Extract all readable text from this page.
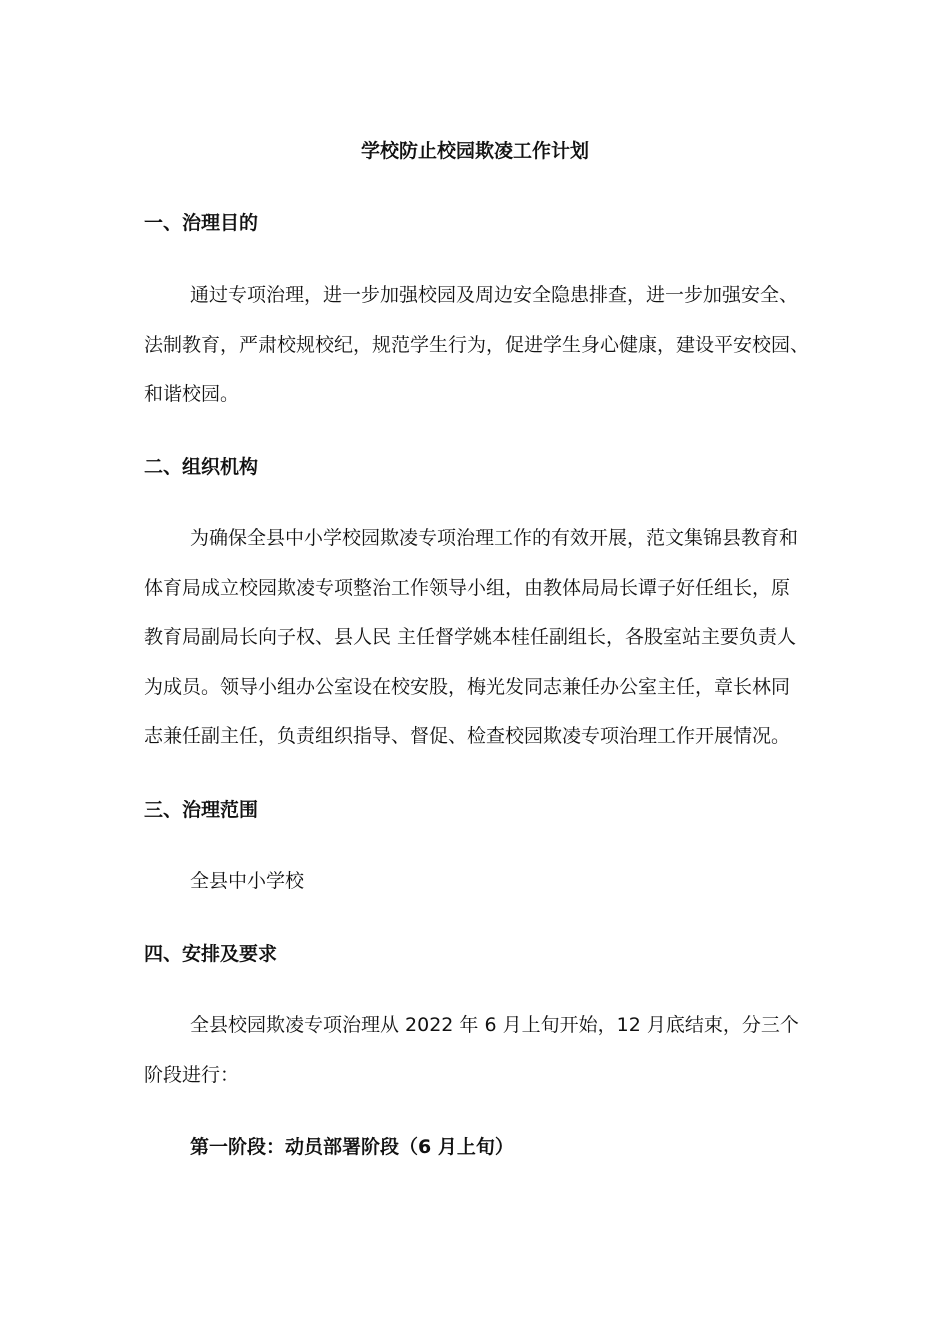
学校防止校园欺凌工作计划
一、治理目的
通过专项治理，进一步加强校园及周边安全隐患排查，进一步加强安全、
法制教育，严肃校规校纪，规范学生行为，促进学生身心健康，建设平安校园、
和谐校园。
二、组织机构
为确保全县中小学校园欺凌专项治理工作的有效开展，范文集锦县教育和
体育局成立校园欺凌专项整治工作领导小组，由教体局局长谭子好任组长，原
教育局副局长向子权、县人民 主任督学姚本桂任副组长，各股室站主要负责人
为成员。领导小组办公室设在校安股，梅光发同志兼任办公室主任，章长林同
志兼任副主任，负责组织指导、督促、检查校园欺凌专项治理工作开展情况。
三、治理范围
全县中小学校
四、安排及要求
全县校园欺凌专项治理从 2022 年 6 月上旬开始，12 月底结束，分三个
阶段进行：
第一阶段：动员部署阶段（6 月上旬）
